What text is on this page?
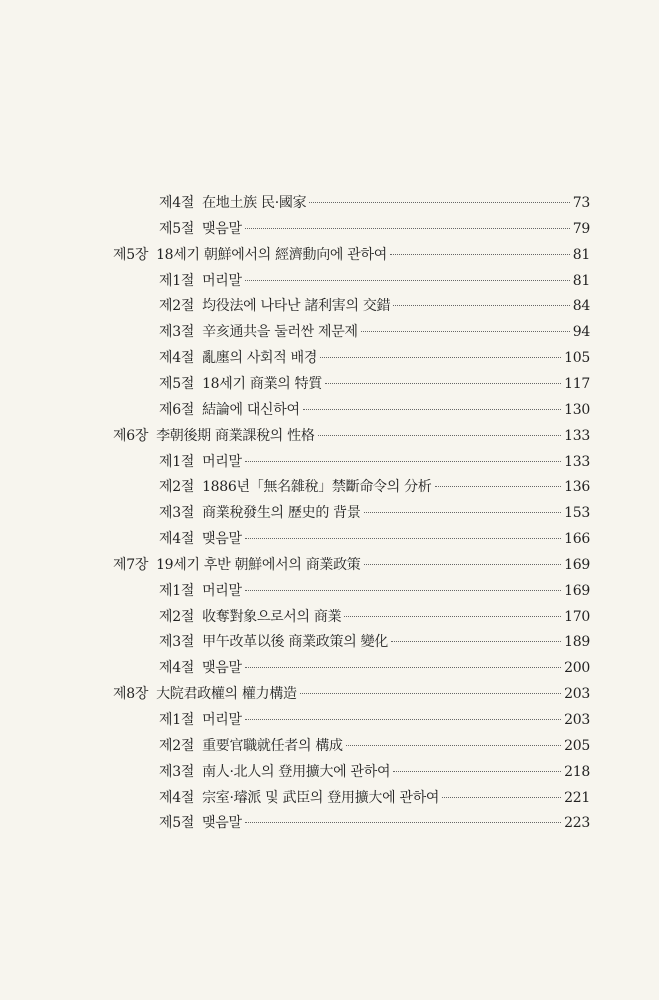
제4절 在地土族 民·國家	73
제5절 맺음말	79
제5장 18세기 朝鮮에서의 經濟動向에 관하여	81
제1절 머리말	81
제2절 均役法에 나타난 諸利害의 交錯	84
제3절 辛亥通共을 둘러싼 제문제	94
제4절 亂廛의 사회적 배경	105
제5절 18세기 商業의 特質	117
제6절 結論에 대신하여	130
제6장 李朝後期 商業課稅의 性格	133
제1절 머리말	133
제2절 1886년「無名雜稅」禁斷命令의 分析	136
제3절 商業稅發生의 歷史的 背景	153
제4절 맺음말	166
제7장 19세기 후반 朝鮮에서의 商業政策	169
제1절 머리말	169
제2절 收奪對象으로서의 商業	170
제3절 甲午改革以後 商業政策의 變化	189
제4절 맺음말	200
제8장 大院君政權의 權力構造	203
제1절 머리말	203
제2절 重要官職就任者의 構成	205
제3절 南人·北人의 登用擴大에 관하여	218
제4절 宗室·璿派 및 武臣의 登用擴大에 관하여	221
제5절 맺음말	223
